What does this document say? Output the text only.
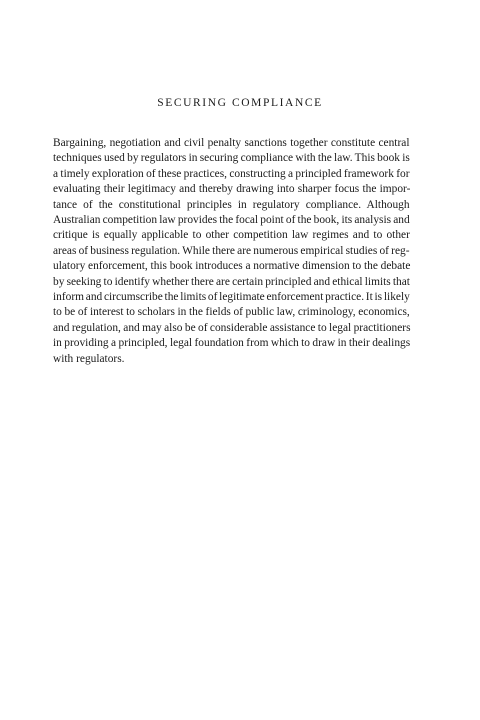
SECURING COMPLIANCE
Bargaining, negotiation and civil penalty sanctions together constitute central
techniques used by regulators in securing compliance with the law. This book is
a timely exploration of these practices, constructing a principled framework for
evaluating their legitimacy and thereby drawing into sharper focus the impor-
tance of the constitutional principles in regulatory compliance. Although
Australian competition law provides the focal point of the book, its analysis and
critique is equally applicable to other competition law regimes and to other
areas of business regulation. While there are numerous empirical studies of reg-
ulatory enforcement, this book introduces a normative dimension to the debate
by seeking to identify whether there are certain principled and ethical limits that
inform and circumscribe the limits of legitimate enforcement practice. It is likely
to be of interest to scholars in the fields of public law, criminology, economics,
and regulation, and may also be of considerable assistance to legal practitioners
in providing a principled, legal foundation from which to draw in their dealings
with regulators.
